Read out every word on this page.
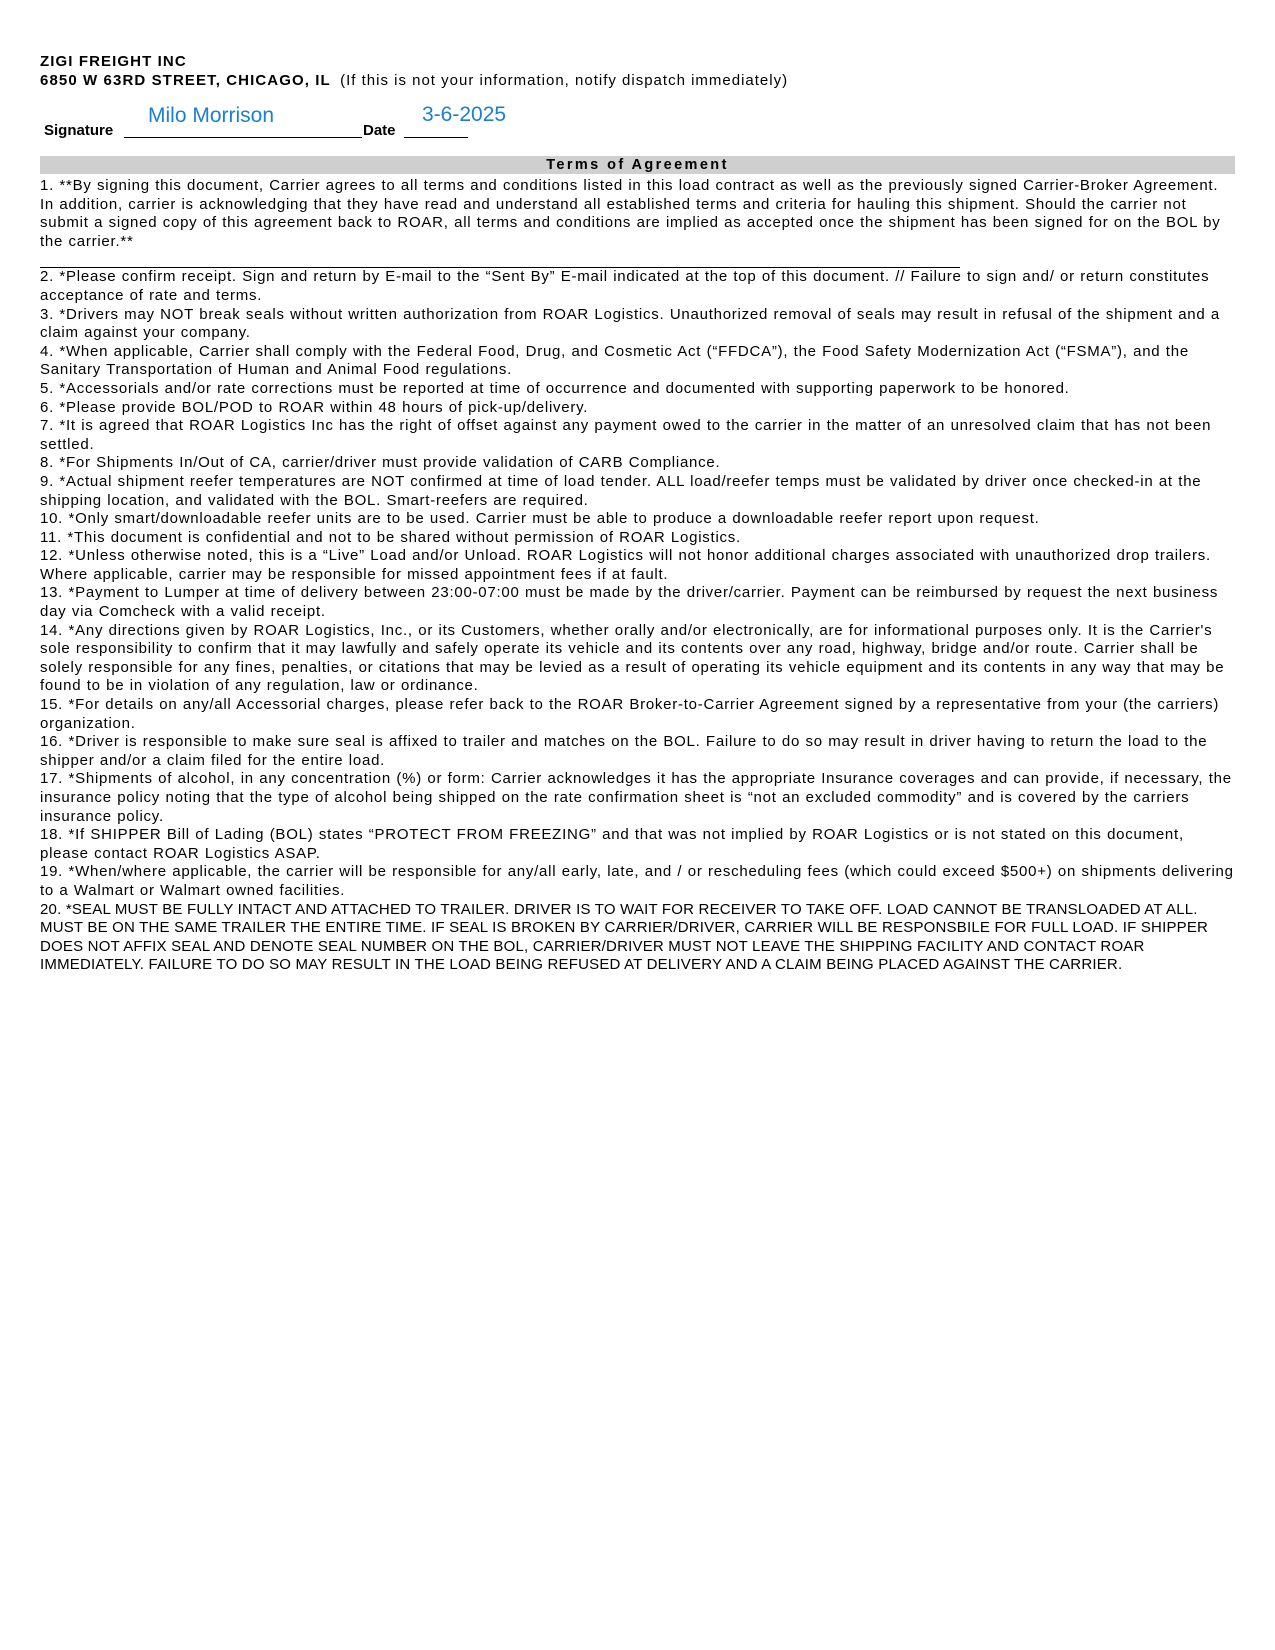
ZIGI FREIGHT INC
6850 W 63RD STREET, CHICAGO, IL (If this is not your information, notify dispatch immediately)
Signature
Milo Morrison
Date
3-6-2025
Terms of Agreement
1. **By signing this document, Carrier agrees to all terms and conditions listed in this load contract as well as the previously signed Carrier-Broker Agreement. In addition, carrier is acknowledging that they have read and understand all established terms and criteria for hauling this shipment. Should the carrier not submit a signed copy of this agreement back to ROAR, all terms and conditions are implied as accepted once the shipment has been signed for on the BOL by the carrier.**
2. *Please confirm receipt. Sign and return by E-mail to the “Sent By” E-mail indicated at the top of this document. // Failure to sign and/ or return constitutes acceptance of rate and terms.
3. *Drivers may NOT break seals without written authorization from ROAR Logistics. Unauthorized removal of seals may result in refusal of the shipment and a claim against your company.
4. *When applicable, Carrier shall comply with the Federal Food, Drug, and Cosmetic Act (“FFDCA”), the Food Safety Modernization Act (“FSMA”), and the Sanitary Transportation of Human and Animal Food regulations.
5. *Accessorials and/or rate corrections must be reported at time of occurrence and documented with supporting paperwork to be honored.
6. *Please provide BOL/POD to ROAR within 48 hours of pick-up/delivery.
7. *It is agreed that ROAR Logistics Inc has the right of offset against any payment owed to the carrier in the matter of an unresolved claim that has not been settled.
8. *For Shipments In/Out of CA, carrier/driver must provide validation of CARB Compliance.
9. *Actual shipment reefer temperatures are NOT confirmed at time of load tender. ALL load/reefer temps must be validated by driver once checked-in at the shipping location, and validated with the BOL. Smart-reefers are required.
10. *Only smart/downloadable reefer units are to be used. Carrier must be able to produce a downloadable reefer report upon request.
11. *This document is confidential and not to be shared without permission of ROAR Logistics.
12. *Unless otherwise noted, this is a “Live” Load and/or Unload. ROAR Logistics will not honor additional charges associated with unauthorized drop trailers. Where applicable, carrier may be responsible for missed appointment fees if at fault.
13. *Payment to Lumper at time of delivery between 23:00-07:00 must be made by the driver/carrier. Payment can be reimbursed by request the next business day via Comcheck with a valid receipt.
14. *Any directions given by ROAR Logistics, Inc., or its Customers, whether orally and/or electronically, are for informational purposes only. It is the Carrier's sole responsibility to confirm that it may lawfully and safely operate its vehicle and its contents over any road, highway, bridge and/or route. Carrier shall be solely responsible for any fines, penalties, or citations that may be levied as a result of operating its vehicle equipment and its contents in any way that may be found to be in violation of any regulation, law or ordinance.
15. *For details on any/all Accessorial charges, please refer back to the ROAR Broker-to-Carrier Agreement signed by a representative from your (the carriers) organization.
16. *Driver is responsible to make sure seal is affixed to trailer and matches on the BOL. Failure to do so may result in driver having to return the load to the shipper and/or a claim filed for the entire load.
17. *Shipments of alcohol, in any concentration (%) or form: Carrier acknowledges it has the appropriate Insurance coverages and can provide, if necessary, the insurance policy noting that the type of alcohol being shipped on the rate confirmation sheet is “not an excluded commodity” and is covered by the carriers insurance policy.
18. *If SHIPPER Bill of Lading (BOL) states “PROTECT FROM FREEZING” and that was not implied by ROAR Logistics or is not stated on this document, please contact ROAR Logistics ASAP.
19. *When/where applicable, the carrier will be responsible for any/all early, late, and / or rescheduling fees (which could exceed $500+) on shipments delivering to a Walmart or Walmart owned facilities.
20. *SEAL MUST BE FULLY INTACT AND ATTACHED TO TRAILER. DRIVER IS TO WAIT FOR RECEIVER TO TAKE OFF. LOAD CANNOT BE TRANSLOADED AT ALL. MUST BE ON THE SAME TRAILER THE ENTIRE TIME. IF SEAL IS BROKEN BY CARRIER/DRIVER, CARRIER WILL BE RESPONSBILE FOR FULL LOAD. IF SHIPPER DOES NOT AFFIX SEAL AND DENOTE SEAL NUMBER ON THE BOL, CARRIER/DRIVER MUST NOT LEAVE THE SHIPPING FACILITY AND CONTACT ROAR IMMEDIATELY. FAILURE TO DO SO MAY RESULT IN THE LOAD BEING REFUSED AT DELIVERY AND A CLAIM BEING PLACED AGAINST THE CARRIER.
